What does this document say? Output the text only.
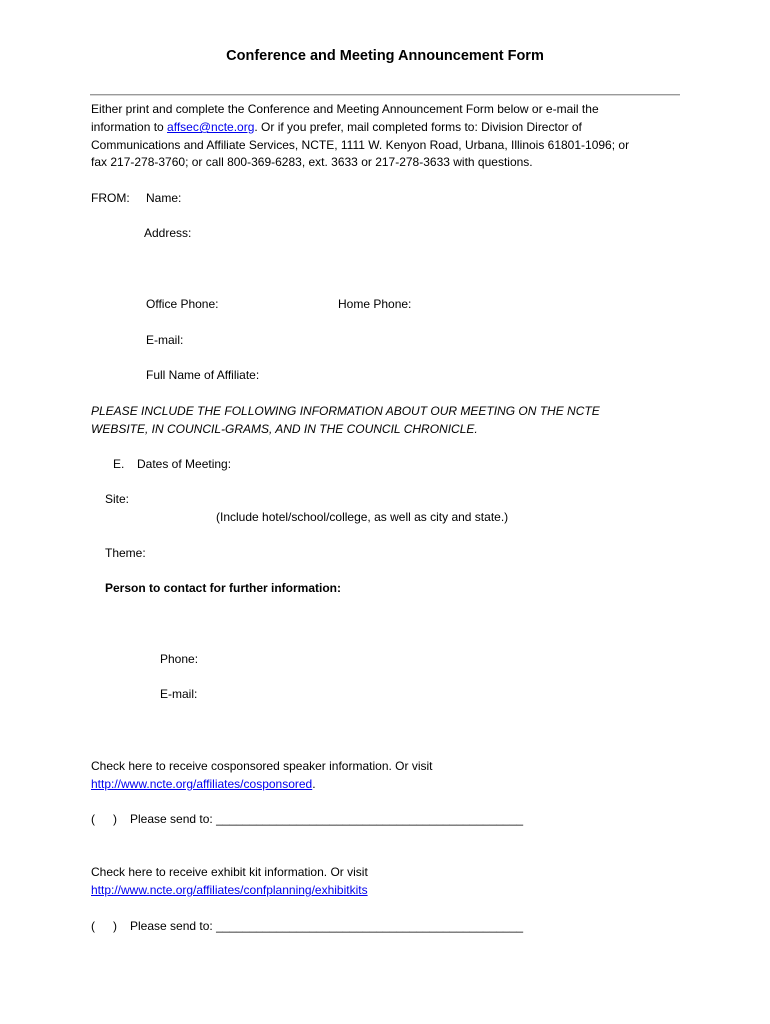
Conference and Meeting Announcement Form
Either print and complete the Conference and Meeting Announcement Form below or e-mail the
information to affsec@ncte.org. Or if you prefer, mail completed forms to: Division Director of
Communications and Affiliate Services, NCTE, 1111 W. Kenyon Road, Urbana, Illinois 61801-1096; or
fax 217-278-3760; or call 800-369-6283, ext. 3633 or 217-278-3633 with questions.
FROM: Name:
Address:
Office Phone:	Home Phone:
E-mail:
Full Name of Affiliate:
PLEASE INCLUDE THE FOLLOWING INFORMATION ABOUT OUR MEETING ON THE NCTE
WEBSITE, IN COUNCIL-GRAMS, AND IN THE COUNCIL CHRONICLE.
E. Dates of Meeting:
Site:
(Include hotel/school/college, as well as city and state.)
Theme:
Person to contact for further information:
Phone:
E-mail:
Check here to receive cosponsored speaker information. Or visit
http://www.ncte.org/affiliates/cosponsored.
( ) Please send to: ______________________________________________
Check here to receive exhibit kit information. Or visit
http://www.ncte.org/affiliates/confplanning/exhibitkits
( ) Please send to: ______________________________________________
